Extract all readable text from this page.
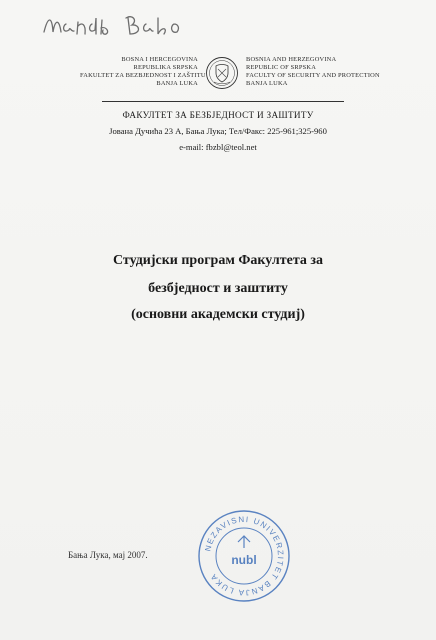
BOSNA I HERCEGOVINA
REPUBLIKA SRPSKA
FAKULTET ZA BEZBJEDNOST I ZAŠTITU
BANJA LUKA
BOSNIA AND HERZEGOVINA
REPUBLIC OF SRPSKA
FACULTY OF SECURITY AND PROTECTION
BANJA LUKA
ФАКУЛТЕТ ЗА БЕЗБЈЕДНОСТ И ЗАШТИТУ
Јована Дучића 23 А, Бања Лука; Тел/Факс: 225-961;325-960
e-mail: fbzbl@teol.net
Студијски програм Факултета за
безбједност и заштиту
(основни академски студиј)
NEZAVISNI UNIVERZITET BANJA LUKA
nubl
Бања Лука, мај 2007.
